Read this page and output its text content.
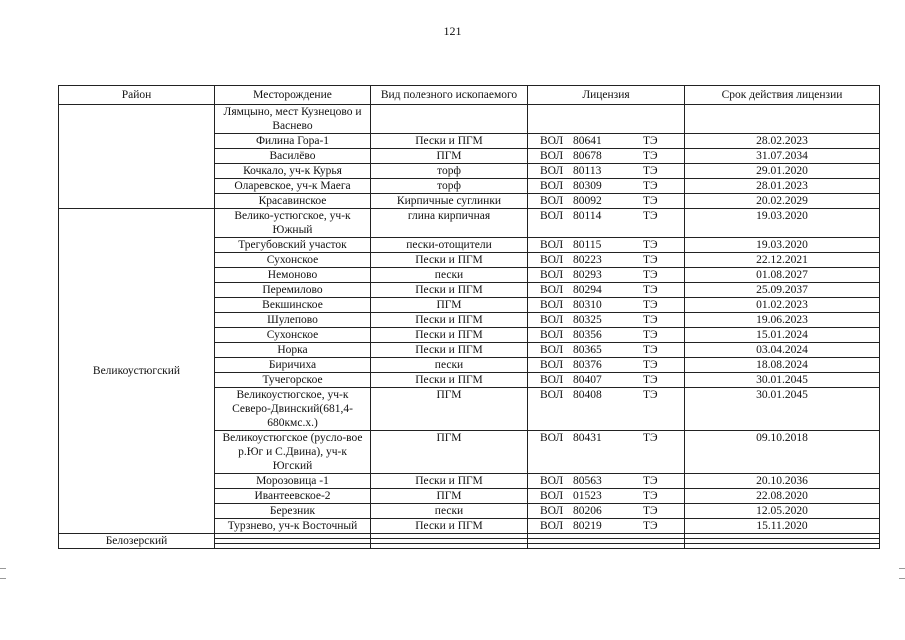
121
Район	Месторождение	Вид полезного ископаемого	Лицензия	Срок действия лицензии
	Лямцыно, мест Кузнецово и Васнево		

	Филина Гора-1	Пески и ПГМ	ВОЛ 80641 ТЭ	28.02.2023
	Василёво	ПГМ	ВОЛ 80678 ТЭ	31.07.2034
	Кочкало, уч-к Курья	торф	ВОЛ 80113 ТЭ	29.01.2020
	Оларевское, уч-к Маега	торф	ВОЛ 80309 ТЭ	28.01.2023
	Красавинское	Кирпичные суглинки	ВОЛ 80092 ТЭ	20.02.2029
Великоустюгский	Велико-устюгское, уч-к Южный	глина кирпичная	ВОЛ 80114 ТЭ	19.03.2020
	Трегубовский участок	пески-отощители	ВОЛ 80115 ТЭ	19.03.2020
	Сухонское	Пески и ПГМ	ВОЛ 80223 ТЭ	22.12.2021
	Немоново	пески	ВОЛ 80293 ТЭ	01.08.2027
	Перемилово	Пески и ПГМ	ВОЛ 80294 ТЭ	25.09.2037
	Векшинское	ПГМ	ВОЛ 80310 ТЭ	01.02.2023
	Шулепово	Пески и ПГМ	ВОЛ 80325 ТЭ	19.06.2023
	Сухонское	Пески и ПГМ	ВОЛ 80356 ТЭ	15.01.2024
	Норка	Пески и ПГМ	ВОЛ 80365 ТЭ	03.04.2024
	Биричиха	пески	ВОЛ 80376 ТЭ	18.08.2024
	Тучегорское	Пески и ПГМ	ВОЛ 80407 ТЭ	30.01.2045
	Великоустюгское, уч-к Северо-Двинский(681,4-680кмс.х.)	ПГМ	ВОЛ 80408 ТЭ	30.01.2045
	Великоустюгское (русло-вое р.Юг и С.Двина), уч-к Югский	ПГМ	ВОЛ 80431 ТЭ	09.10.2018
	Морозовица -1	Пески и ПГМ	ВОЛ 80563 ТЭ	20.10.2036
	Ивантеевское-2	ПГМ	ВОЛ 01523 ТЭ	22.08.2020
	Березник	пески	ВОЛ 80206 ТЭ	12.05.2020
	Турзнево, уч-к Восточный	Пески и ПГМ	ВОЛ 80219 ТЭ	15.11.2020
Белозерский			
